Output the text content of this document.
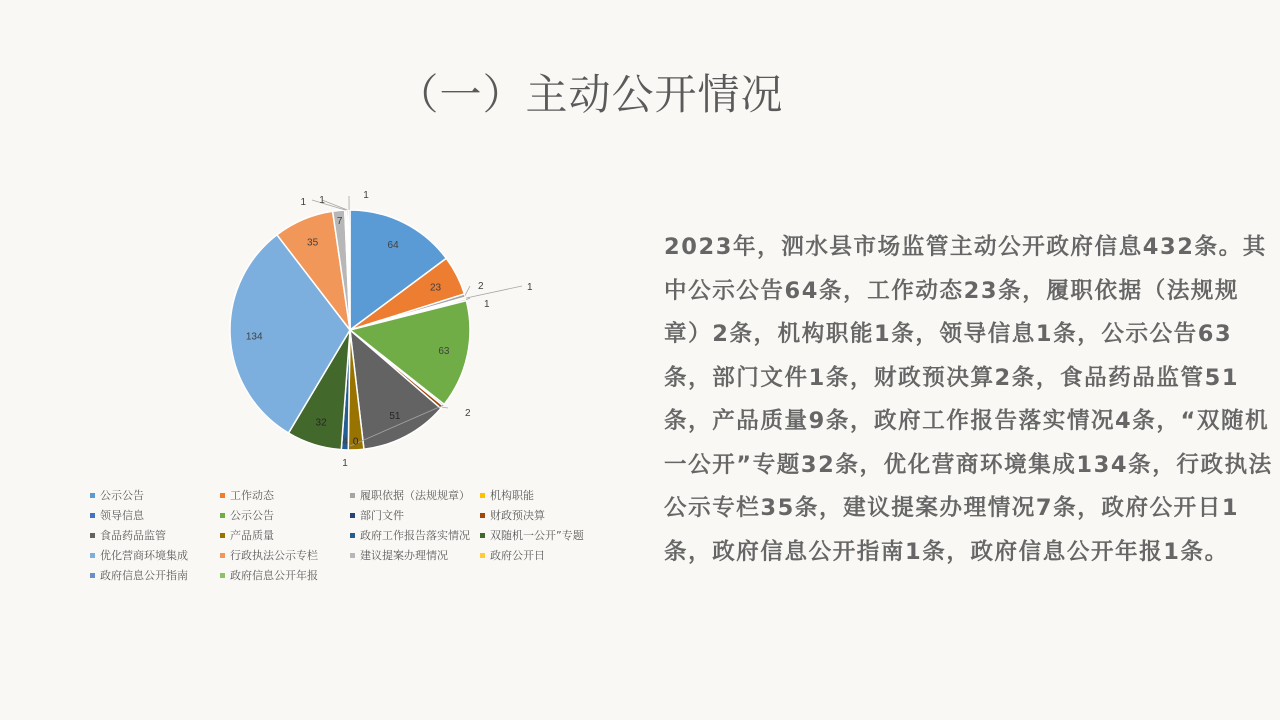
（一）主动公开情况
64
23	2	1
1
63
1
2
51
0
4
32
134
35
7
1 1	1
公示公告	工作动态	履职依据（法规规章） 机构职能
领导信息	公示公告	部门文件	财政预决算
食品药品监管	产品质量	政府工作报告落实情况 双随机一公开”专题
优化营商环境集成	行政执法公示专栏	建议提案办理情况	政府公开日
政府信息公开指南	政府信息公开年报
2023年，泗水县市场监管主动公开政府信息432条。其中公示公告64条，工作动态23条，履职依据（法规规章）2条，机构职能1条，领导信息1条，公示公告63条，部门文件1条，财政预决算2条，食品药品监管51条，产品质量9条，政府工作报告落实情况4条，“双随机一公开”专题32条，优化营商环境集成134条，行政执法公示专栏35条，建议提案办理情况7条，政府公开日1条，政府信息公开指南1条，政府信息公开年报1条。
